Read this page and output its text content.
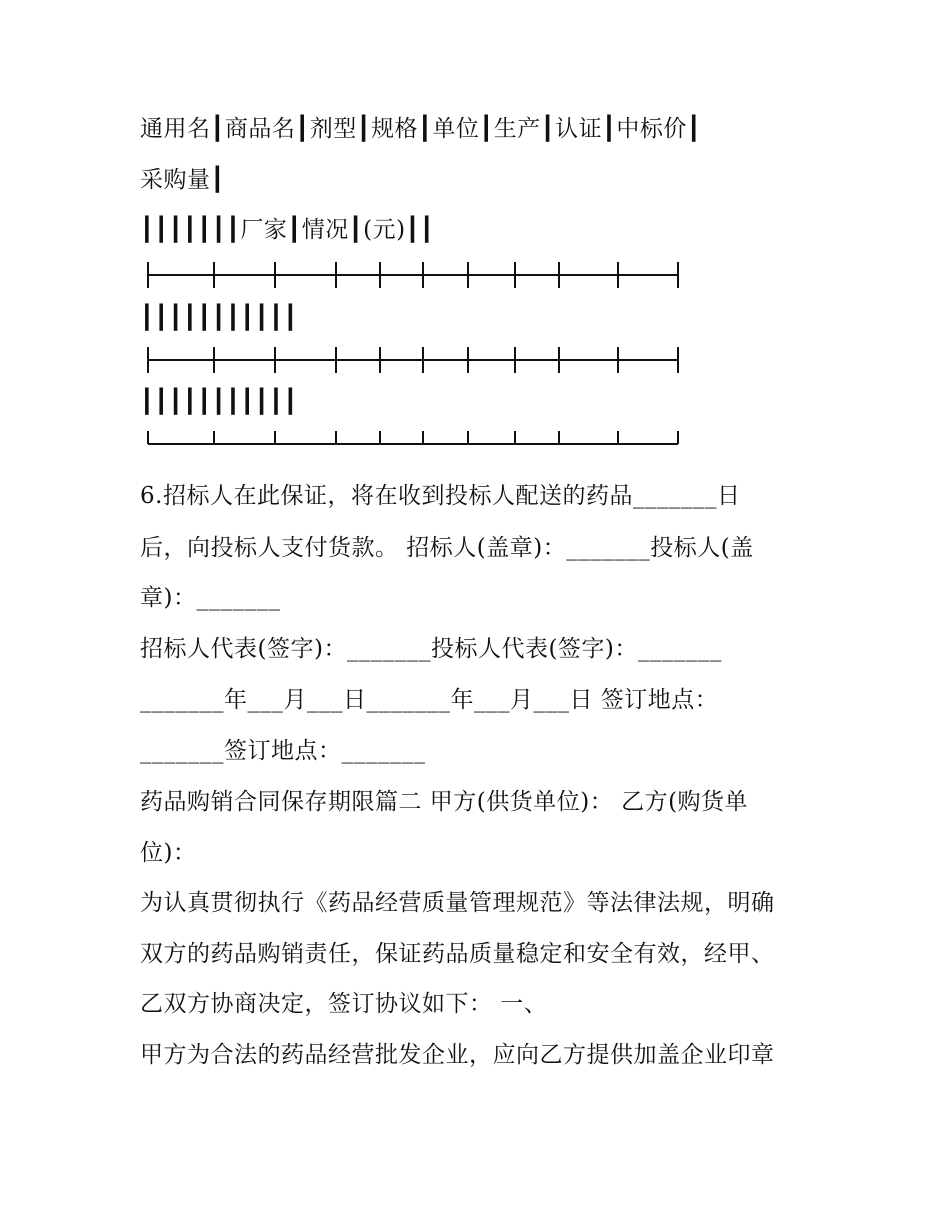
通用名┃商品名┃剂型┃规格┃单位┃生产┃认证┃中标价┃
采购量┃
┃┃┃┃┃┃┃厂家┃情况┃(元)┃┃
┃┃┃┃┃┃┃┃┃┃┃
┃┃┃┃┃┃┃┃┃┃┃
6.招标人在此保证，将在收到投标人配送的药品_______日
后，向投标人支付货款。 招标人(盖章)：_______投标人(盖
章)：_______
招标人代表(签字)：_______投标人代表(签字)：_______
_______年___月___日_______年___月___日 签订地点：
_______签订地点：_______
药品购销合同保存期限篇二 甲方(供货单位)： 乙方(购货单
位)：
为认真贯彻执行《药品经营质量管理规范》等法律法规，明确
双方的药品购销责任，保证药品质量稳定和安全有效，经甲、
乙双方协商决定，签订协议如下： 一、
甲方为合法的药品经营批发企业，应向乙方提供加盖企业印章
